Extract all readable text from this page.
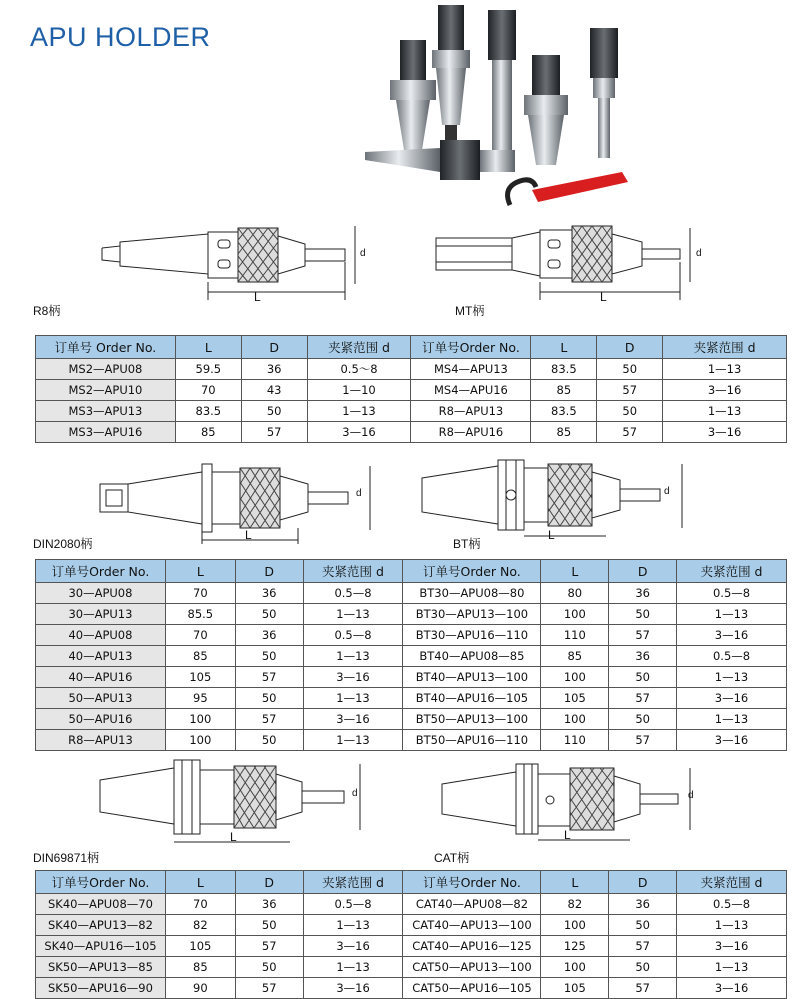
APU HOLDER
L
d
L
d
R8柄	MT柄
订单号 Order No.	L	D	夹紧范围 d	订单号Order No.	L	D	夹紧范围 d
MS2—APU08	59.5	36	0.5～8	MS4—APU13	83.5	50	1—13
MS2—APU10	70	43	1—10	MS4—APU16	85	57	3—16
MS3—APU13	83.5	50	1—13	R8—APU13	83.5	50	1—13
MS3—APU16	85	57	3—16	R8—APU16	85	57	3—16
L
d
L
d
DIN2080柄	BT柄
订单号Order No.	L	D	夹紧范围 d	订单号Order No.	L	D	夹紧范围 d
30—APU08	70	36	0.5—8	BT30—APU08—80	80	36	0.5—8
30—APU13	85.5	50	1—13	BT30—APU13—100	100	50	1—13
40—APU08	70	36	0.5—8	BT30—APU16—110	110	57	3—16
40—APU13	85	50	1—13	BT40—APU08—85	85	36	0.5—8
40—APU16	105	57	3—16	BT40—APU13—100	100	50	1—13
50—APU13	95	50	1—13	BT40—APU16—105	105	57	3—16
50—APU16	100	57	3—16	BT50—APU13—100	100	50	1—13
R8—APU13	100	50	1—13	BT50—APU16—110	110	57	3—16
L
d
L
d
DIN69871柄	CAT柄
订单号Order No.	L	D	夹紧范围 d	订单号Order No.	L	D	夹紧范围 d
SK40—APU08—70	70	36	0.5—8	CAT40—APU08—82	82	36	0.5—8
SK40—APU13—82	82	50	1—13	CAT40—APU13—100	100	50	1—13
SK40—APU16—105	105	57	3—16	CAT40—APU16—125	125	57	3—16
SK50—APU13—85	85	50	1—13	CAT50—APU13—100	100	50	1—13
SK50—APU16—90	90	57	3—16	CAT50—APU16—105	105	57	3—16
